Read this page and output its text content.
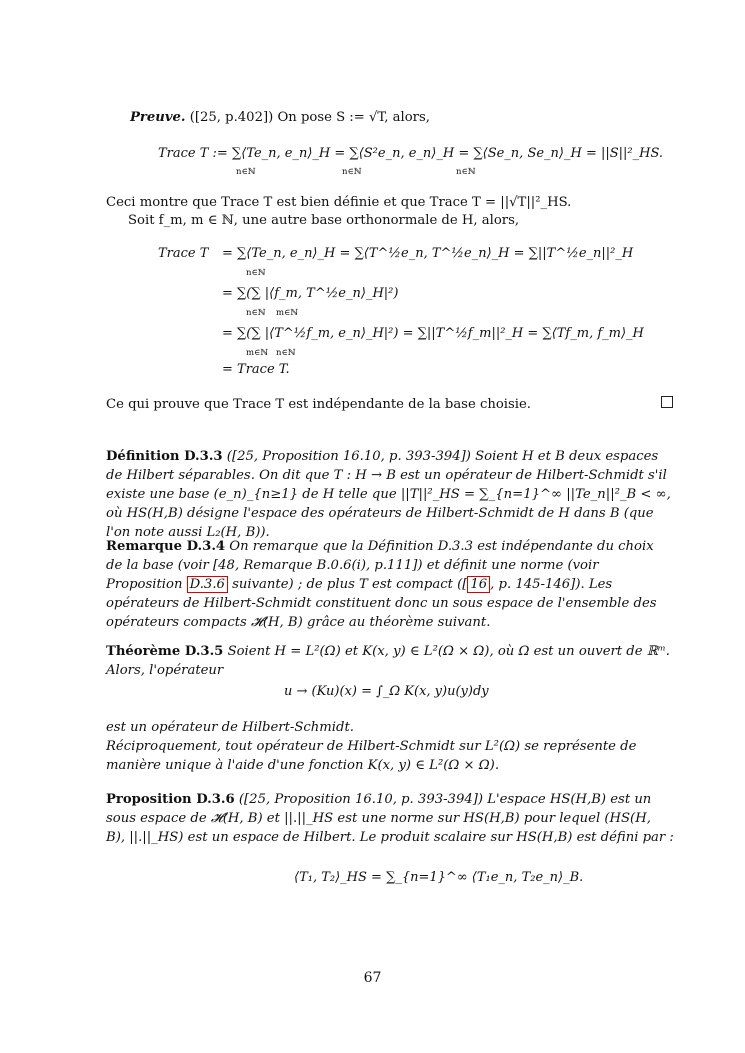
Preuve. ([25, p.402]) On pose S := √T, alors,
Trace T := ∑⟨Te_n, e_n⟩_H = ∑⟨S²e_n, e_n⟩_H = ∑⟨Se_n, Se_n⟩_H = ||S||²_HS.
n∈ℕ	n∈ℕ	n∈ℕ
Ceci montre que Trace T est bien définie et que Trace T = ||√T||²_HS.
Soit f_m, m ∈ ℕ, une autre base orthonormale de H, alors,
Trace T = ∑⟨Te_n, e_n⟩_H = ∑⟨T^½e_n, T^½e_n⟩_H = ∑||T^½e_n||²_H
= ∑(∑ |⟨f_m, T^½e_n⟩_H|²)
= ∑(∑ |⟨T^½f_m, e_n⟩_H|²) = ∑||T^½f_m||²_H = ∑⟨Tf_m, f_m⟩_H
= Trace T.
n∈ℕ
n∈ℕ m∈ℕ
m∈ℕ n∈ℕ
Ce qui prouve que Trace T est indépendante de la base choisie.
Définition D.3.3 ([25, Proposition 16.10, p. 393-394]) Soient H et B deux espaces de Hilbert séparables. On dit que T : H → B est un opérateur de Hilbert-Schmidt s'il existe une base (e_n)_{n≥1} de H telle que ||T||²_HS = ∑_{n=1}^∞ ||Te_n||²_B < ∞, où HS(H,B) désigne l'espace des opérateurs de Hilbert-Schmidt de H dans B (que l'on note aussi L₂(H, B)).
Remarque D.3.4 On remarque que la Définition D.3.3 est indépendante du choix de la base (voir [48, Remarque B.0.6(i), p.111]) et définit une norme (voir Proposition D.3.6 suivante) ; de plus T est compact ([ 16 , p. 145-146]). Les opérateurs de Hilbert-Schmidt constituent donc un sous espace de l'ensemble des opérateurs compacts 𝓗(H, B) grâce au théorème suivant.
Théorème D.3.5 Soient H = L²(Ω) et K(x, y) ∈ L²(Ω × Ω), où Ω est un ouvert de ℝᵐ. Alors, l'opérateur
u → (Ku)(x) = ∫_Ω K(x, y)u(y)dy
est un opérateur de Hilbert-Schmidt.
Réciproquement, tout opérateur de Hilbert-Schmidt sur L²(Ω) se représente de manière unique à l'aide d'une fonction K(x, y) ∈ L²(Ω × Ω).
Proposition D.3.6 ([25, Proposition 16.10, p. 393-394]) L'espace HS(H,B) est un sous espace de 𝓗(H, B) et ||.||_HS est une norme sur HS(H,B) pour lequel (HS(H, B), ||.||_HS) est un espace de Hilbert. Le produit scalaire sur HS(H,B) est défini par :
⟨T₁, T₂⟩_HS = ∑_{n=1}^∞ ⟨T₁e_n, T₂e_n⟩_B.
67
